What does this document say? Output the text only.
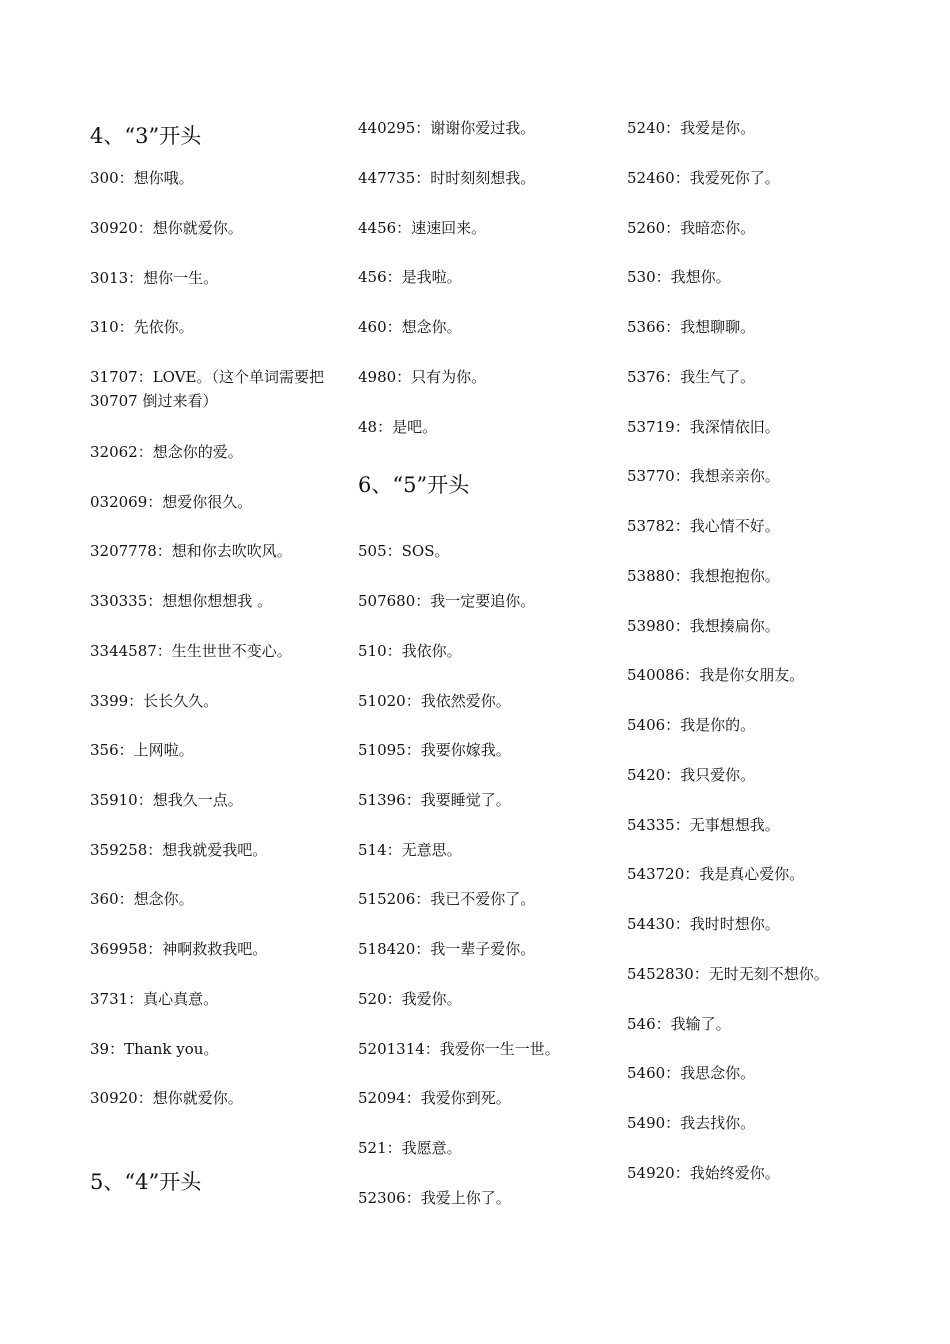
4、“3”开头
300：想你哦。
30920：想你就爱你。
3013：想你一生。
310：先依你。
31707：LOVE。（这个单词需要把 30707 倒过来看）
32062：想念你的爱。
032069：想爱你很久。
3207778：想和你去吹吹风。
330335：想想你想想我 。
3344587：生生世世不变心。
3399：长长久久。
356：上网啦。
35910：想我久一点。
359258：想我就爱我吧。
360：想念你。
369958：神啊救救我吧。
3731：真心真意。
39：Thank you。
30920：想你就爱你。
5、“4”开头
440295：谢谢你爱过我。
447735：时时刻刻想我。
4456：速速回来。
456：是我啦。
460：想念你。
4980：只有为你。
48：是吧。
6、“5”开头
505：SOS。
507680：我一定要追你。
510：我依你。
51020：我依然爱你。
51095：我要你嫁我。
51396：我要睡觉了。
514：无意思。
515206：我已不爱你了。
518420：我一辈子爱你。
520：我爱你。
5201314：我爱你一生一世。
52094：我爱你到死。
521：我愿意。
52306：我爱上你了。
5240：我爱是你。
52460：我爱死你了。
5260：我暗恋你。
530：我想你。
5366：我想聊聊。
5376：我生气了。
53719：我深情依旧。
53770：我想亲亲你。
53782：我心情不好。
53880：我想抱抱你。
53980：我想揍扁你。
540086：我是你女朋友。
5406：我是你的。
5420：我只爱你。
54335：无事想想我。
543720：我是真心爱你。
54430：我时时想你。
5452830：无时无刻不想你。
546：我输了。
5460：我思念你。
5490：我去找你。
54920：我始终爱你。
